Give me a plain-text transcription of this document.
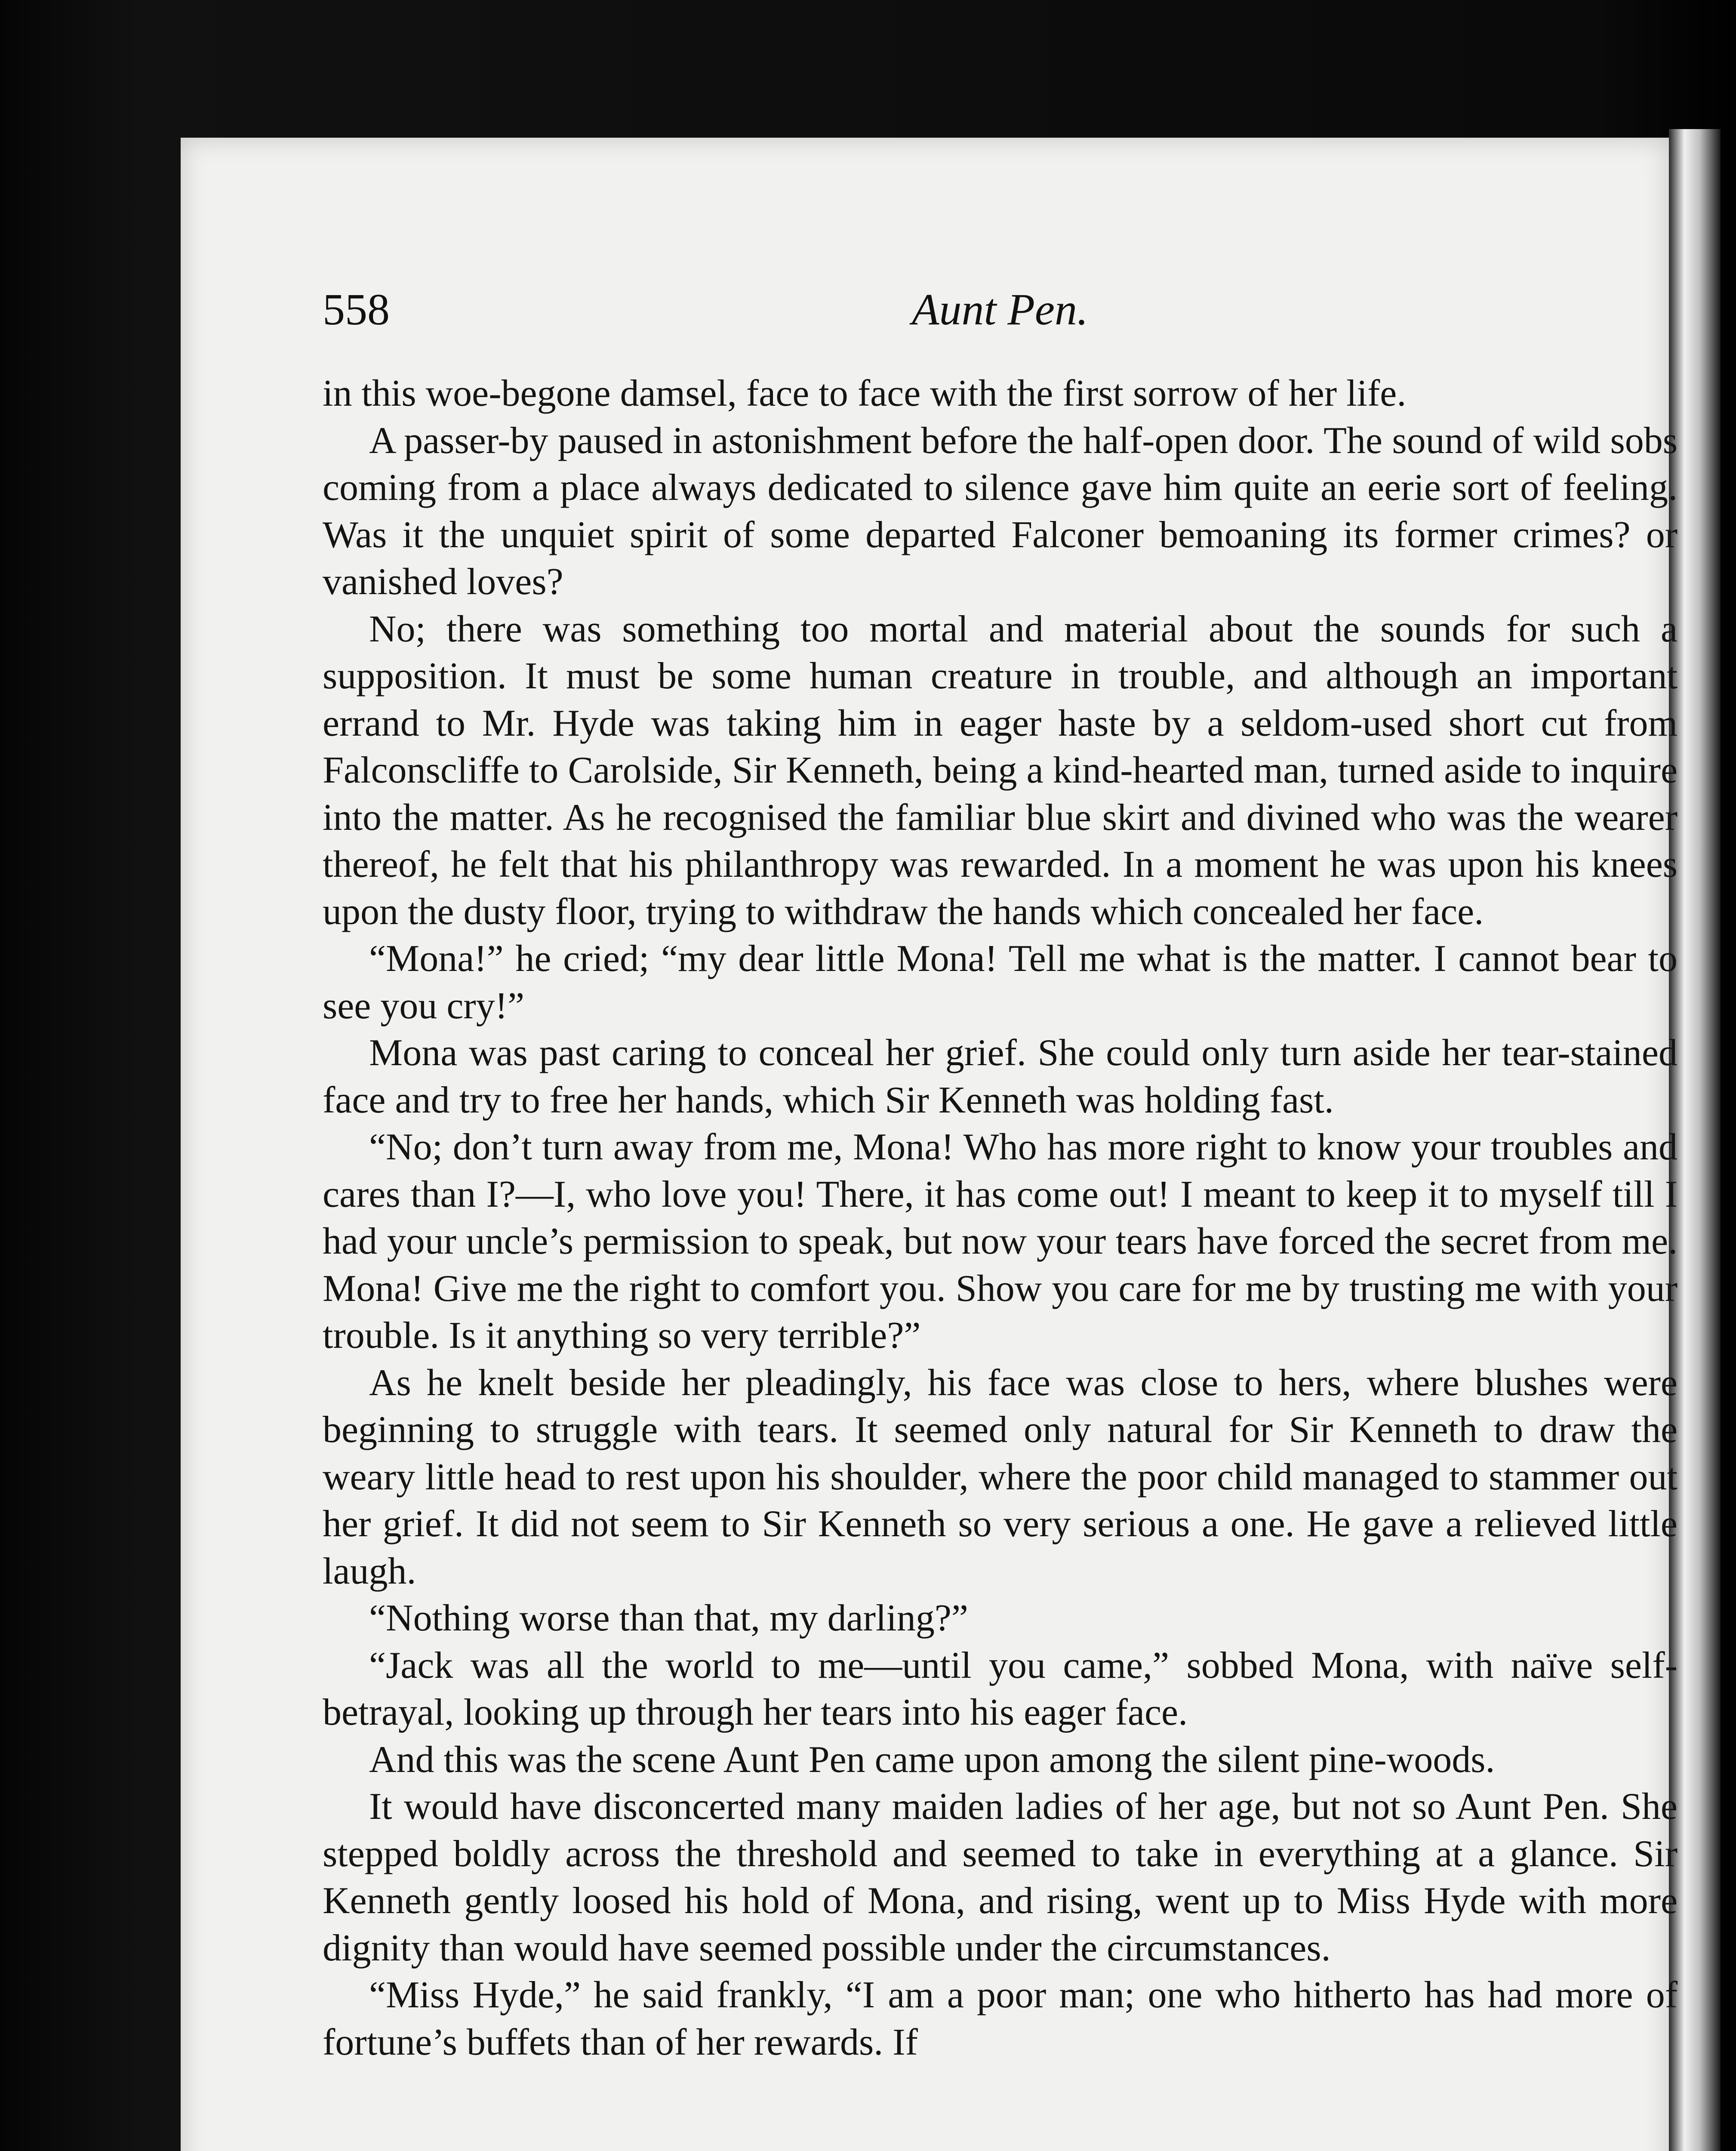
558	Aunt Pen.

in this woe-begone damsel, face to face with the first sorrow of her life.

A passer-by paused in astonishment before the half-open door. The sound of wild sobs coming from a place always dedicated to silence gave him quite an eerie sort of feeling. Was it the unquiet spirit of some departed Falconer bemoaning its former crimes? or vanished loves?

No; there was something too mortal and material about the sounds for such a supposition. It must be some human creature in trouble, and although an important errand to Mr. Hyde was taking him in eager haste by a seldom-used short cut from Falconscliffe to Carolside, Sir Kenneth, being a kind-hearted man, turned aside to inquire into the matter. As he recognised the familiar blue skirt and divined who was the wearer thereof, he felt that his philanthropy was rewarded. In a moment he was upon his knees upon the dusty floor, trying to withdraw the hands which concealed her face.

“Mona!” he cried; “my dear little Mona! Tell me what is the matter. I cannot bear to see you cry!”

Mona was past caring to conceal her grief. She could only turn aside her tear-stained face and try to free her hands, which Sir Kenneth was holding fast.

“No; don’t turn away from me, Mona! Who has more right to know your troubles and cares than I?—I, who love you! There, it has come out! I meant to keep it to myself till I had your uncle’s permission to speak, but now your tears have forced the secret from me. Mona! Give me the right to comfort you. Show you care for me by trusting me with your trouble. Is it anything so very terrible?”

As he knelt beside her pleadingly, his face was close to hers, where blushes were beginning to struggle with tears. It seemed only natural for Sir Kenneth to draw the weary little head to rest upon his shoulder, where the poor child managed to stammer out her grief. It did not seem to Sir Kenneth so very serious a one. He gave a relieved little laugh.

“Nothing worse than that, my darling?”

“Jack was all the world to me—until you came,” sobbed Mona, with naïve self-betrayal, looking up through her tears into his eager face.

And this was the scene Aunt Pen came upon among the silent pine-woods.

It would have disconcerted many maiden ladies of her age, but not so Aunt Pen. She stepped boldly across the threshold and seemed to take in everything at a glance. Sir Kenneth gently loosed his hold of Mona, and rising, went up to Miss Hyde with more dignity than would have seemed possible under the circumstances.

“Miss Hyde,” he said frankly, “I am a poor man; one who hitherto has had more of fortune’s buffets than of her rewards. If
